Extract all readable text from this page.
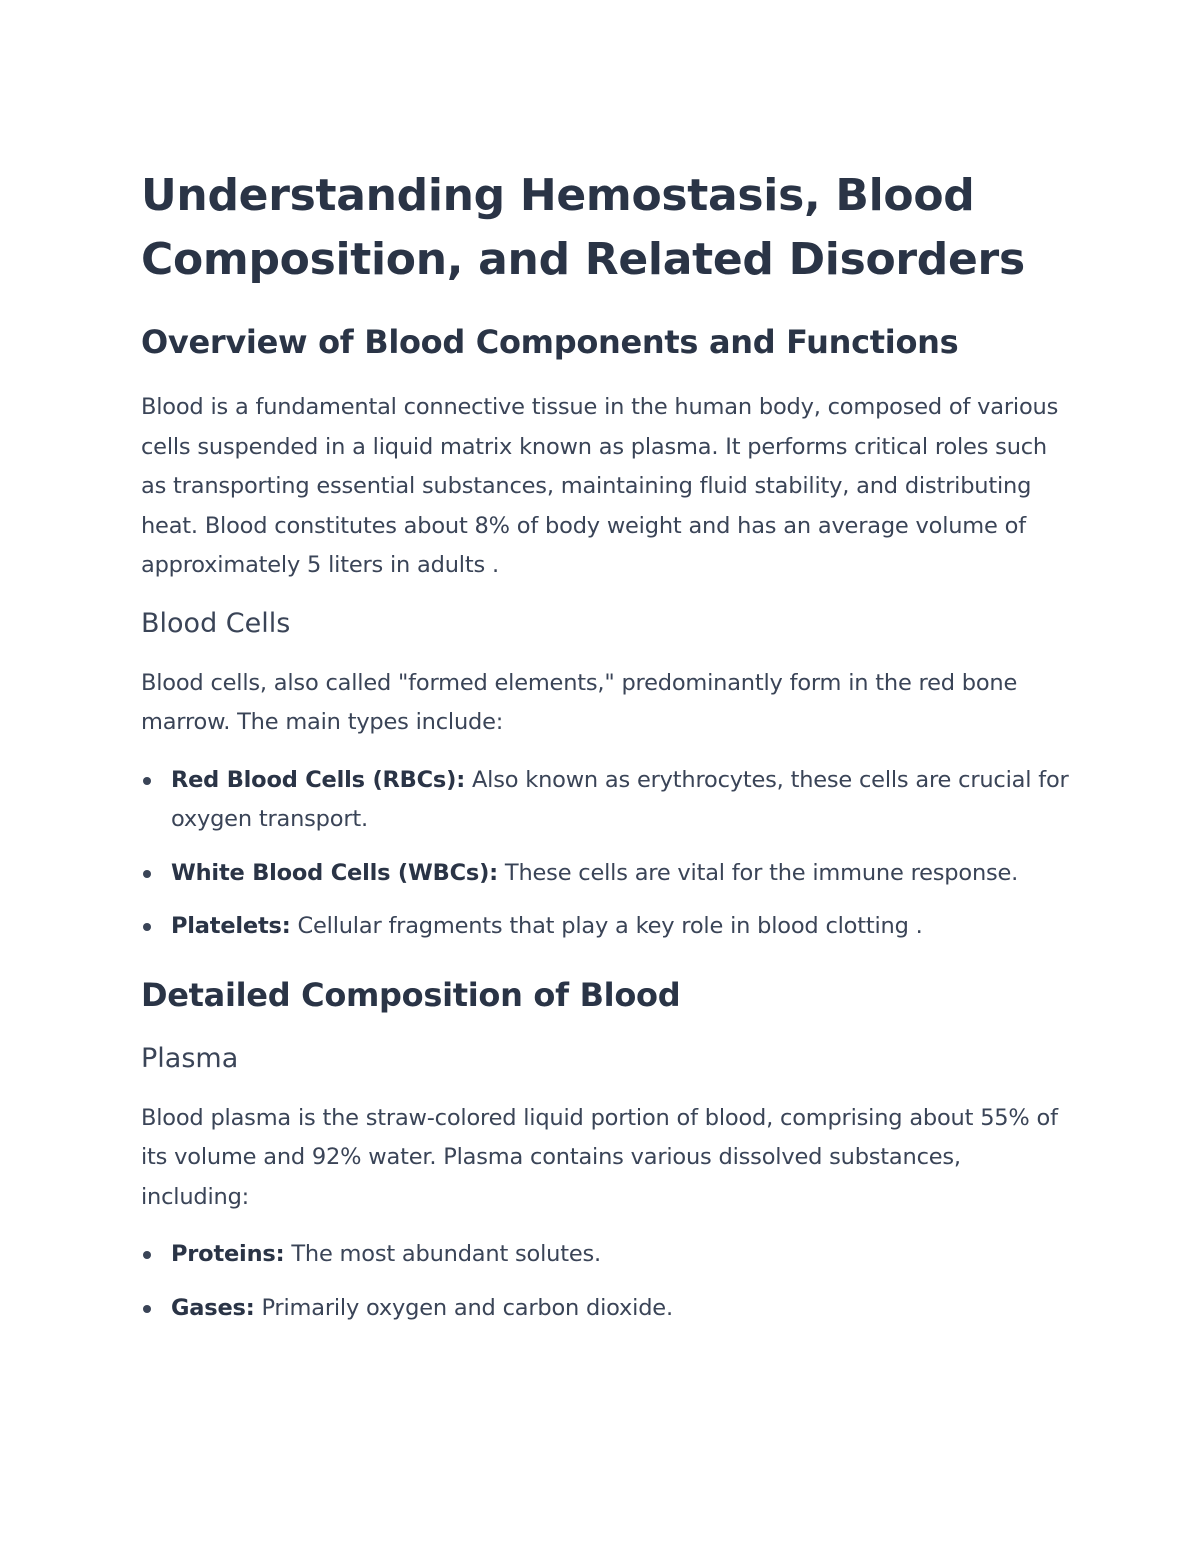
Understanding Hemostasis, Blood Composition, and Related Disorders
Overview of Blood Components and Functions

Blood is a fundamental connective tissue in the human body, composed of various cells suspended in a liquid matrix known as plasma. It performs critical roles such as transporting essential substances, maintaining fluid stability, and distributing heat. Blood constitutes about 8% of body weight and has an average volume of approximately 5 liters in adults .

Blood Cells

Blood cells, also called "formed elements," predominantly form in the red bone marrow. The main types include:

Red Blood Cells (RBCs): Also known as erythrocytes, these cells are crucial for oxygen transport.
White Blood Cells (WBCs): These cells are vital for the immune response.
Platelets: Cellular fragments that play a key role in blood clotting .
Detailed Composition of Blood
Plasma

Blood plasma is the straw-colored liquid portion of blood, comprising about 55% of its volume and 92% water. Plasma contains various dissolved substances, including:

Proteins: The most abundant solutes.
Gases: Primarily oxygen and carbon dioxide.
